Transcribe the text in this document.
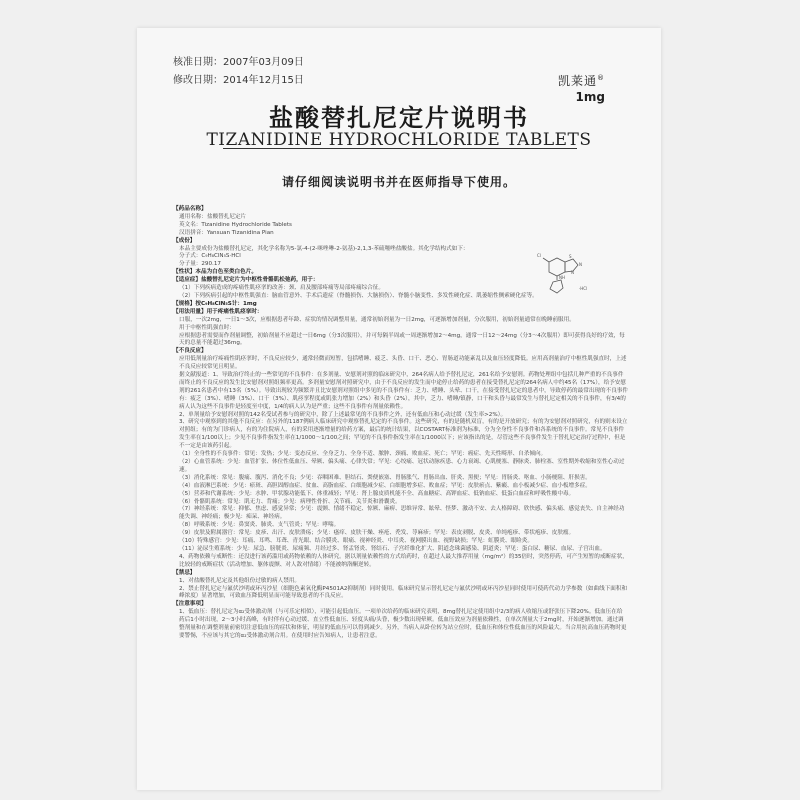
核准日期：2007年03月09日
修改日期：2014年12月15日	凯莱通®
1mg
盐酸替扎尼定片说明书
TIZANIDINE HYDROCHLORIDE TABLETS
请仔细阅读说明书并在医师指导下使用。
Cl
N
S
N
NH
·HCl

【药品名称】

通用名称：盐酸替扎尼定片

英文名：Tizanidine Hydrochloride Tablets

汉语拼音：Yansuan Tizanidina Pian

【成份】

本品主要成份为盐酸替扎尼定，其化学名称为5-氯-4-(2-咪唑啉-2-氨基)-2,1,3-苯硫噻唑盐酸盐。其化学结构式如下：

分子式：C₉H₈ClN₅S·HCl

分子量：290.17

【性状】本品为白色至类白色片。

【适应症】盐酸替扎尼定片为中枢性骨骼肌松弛药，用于：

（1）下列疾病造成的疼痛性肌痉挛的改善：颈、肩及腰部疼痛等局部疼痛综合征。

（2）下列疾病引起的中枢性肌强直：脑血管意外、手术后遗症（脊髓损伤、大脑损伤）、脊髓小脑变性、多发性硬化症、肌萎缩性侧索硬化症等。

【规格】按C₉H₈ClN₅S计：1mg

【用法用量】用于疼痛性肌痉挛时：

口服，一次2mg，一日1～3次，应根据患者年龄、症状的情况调整用量，通常初始剂量为一日2mg，可逐渐增加剂量，分次服用，初始剂量通常在晚睡前服用。

用于中枢性肌强直时：

应根据患者需要而作剂量调整，初始剂量不应超过一日6mg（分3次服用），并可每隔半周或一周逐渐增加2～4mg，通常一日12～24mg（分3～4次服用）即可获得良好的疗效，每天的总量不能超过36mg。

【不良反应】

应用低剂量治疗疼痛性肌痉挛时，不良反应较少，通常轻微而短暂，包括嗜睡、疲乏、头昏、口干、恶心、胃肠道功能紊乱以及血压轻度降低。应用高剂量治疗中枢性肌强直时，上述不良反应较常见且明显。

据文献报道：1、导致治疗终止的一些常见的不良事件：在多剂量、安慰剂对照的临床研究中，264名病人给予替扎尼定，261名给予安慰剂。药物处理组中包括几种严重的不良事件而终止的不良反应的发生比安慰剂对照组频率更高。多剂量安慰剂对照研究中，由于不良反应的发生而中途停止给药的患者在接受替扎尼定的264名病人中约45名（17%），给予安慰剂的261名患者中有13名（5%）。导致出现较为频繁并且比安慰剂对照组中多见的不良事件有：乏力、嗜睡、头晕、口干，在接受替扎尼定的患者中，导致停药的最常出现的不良事件有：疲乏（3%）、嗜睡（3%）、口干（3%）、肌痉挛程度或肌张力增加（2%）和头昏（2%），其中，乏力、嗜睡/镇静，口干和头昏与最常发生与替扎尼定相关的不良事件，有3/4的病人认为这些不良事件是轻度至中度，1/4的病人认为是严重；这些不良事件有剂量依赖性。

2、单剂量给予安慰剂对照的142名受试者参与的研究中，除了上述最常见的不良事件之外，还有低血压和心动过缓（发生率>2%）。

3、研究中观察到的其他不良反应：在另外的1187例病人临床研究中观察替扎尼定的不良事件。这些研究，有的是随机双盲，有的是开放研究；有的为安慰剂对照研究，有的则未设立对照组；有的为门诊病人，有的为住院病人，有的采用逐渐增量的给药方案，最后的统计结果，以COSTART标准剂为标准，分为全身性不良事件和各系统的不良事件。常见不良事件发生率在1/100以上；少见不良事件指发生率在1/1000～1/100之间；罕见的不良事件指发生率在1/1000以下；应该指出的是，尽管这些不良事件发生于替扎尼定治疗过程中，但是不一定是由该药引起。

（1）全身性的不良事件：常见：发热；少见：变态反应、全身乏力、全身不适、脓肿、颈痛、败血症、死亡；罕见：癌症、先天性畸形、自杀倾向。

（2）心血管系统：少见：血管扩张、体位性低血压、晕厥、偏头痛、心律失常；罕见：心绞痛、冠状动脉疾患、心力衰竭、心肌梗塞、静脉炎、肺栓塞、室性期外收缩和室性心动过速。

（3）消化系统：常见：腹痛、腹泻、消化不良；少见：吞咽困难、胆结石、粪便嵌塞、胃肠胀气、胃肠出血、肝炎、黑便；罕见：胃肠炎、呕血、小肠梗阻、肝损害。

（4）血液淋巴系统：少见：瘀斑、高胆固醇血症、贫血、高脂血症、白细胞减少症、白细胞增多症、败血症；罕见：皮肤瘀点、紫癜、血小板减少症、血小板增多症。

（5）营养和代谢系统：少见：水肿、甲状腺功能低下、体重减轻；罕见：肾上腺皮质机能不全、高血糖症、高钾血症、低钠血症、低蛋白血症和呼吸性酸中毒。

（6）骨骼肌系统：常见：肌无力、背痛；少见：病理性骨折、关节痛、关节炎和滑囊炎。

（7）神经系统：常见：抑郁、焦虑、感觉异常；少见：震颤、情绪不稳定、惊厥、麻痹、思维异常、眩晕、怪梦、激动不安、去人格障碍、欣快感、偏头痛、感觉丧失、自主神经功能失调、神经痛；极少见：痴呆、神经病。

（8）呼吸系统：少见：鼻窦炎、肺炎、支气管炎；罕见：哮喘。

（9）皮肤及附属器官：常见：皮疹、出汗、皮肤溃疡；少见：瘙痒、皮肤干燥、痤疮、秃发、荨麻疹；罕见：表皮剥脱、皮炎、单纯疱疹、带状疱疹、皮肤瘤。

（10）特殊感官：少见：耳痛、耳鸣、耳聋、青光眼、结合膜炎、眼痛、视神经炎、中耳炎、视网膜出血、视野缺损；罕见：虹膜炎、眼睑炎。

（11）泌尿生殖系统：少见：尿急、膀胱炎、尿痛频、月经过多、肾盂肾炎、肾结石、子宫纤维化扩大、阴道念珠菌感染、阴道炎；罕见：蛋白尿、糖尿、血尿、子宫出血。

4、药物依赖与戒断性：还没进行该药滥用或药物依赖的人体研究。据以剂量依赖性的方式给药时，在超过人最大推荐用量（mg/m²）的35倍时，突然停药，可产生短暂的戒断症状，比较轻的戒断症状（活动增加、躯体震颤、对人敌对情绪）不能被纳洛酮逆转。

【禁忌】

1、对盐酸替扎尼定及其他组份过敏的病人禁用。

2、禁止替扎尼定与氟伏沙明或环丙沙星（细胞色素氧化酶P4501A2抑制剂）同时使用。临床研究显示替扎尼定与氟伏沙明或环丙沙星同时使用可使药代动力学参数（如曲线下面积和峰浓度）显著增加，可致血压降低明显而可能导致患者的不良反应。

【注意事项】

1、低血压：替扎尼定为α₂受体激动剂（与可乐定相似），可能引起低血压。一项单次给药的临床研究表明，8mg替扎尼定使用组中2/3的病人收缩压或舒张压下降20%。低血压在给药后1小时出现，2～3小时高峰，有时伴有心动过缓、直立性低血压、轻度头痛/头昏，极少数出现晕厥。低血压效应为剂量依赖性，在单次剂量大于2mg时，开始逐渐增加。通过调整剂量和在调整剂量前密切注意低血压的症状和体征，明显的低血压可以得到减少。另外，当病人从卧位转为站立位时，低血压和体位性低血压的风险最大。当合用抗高血压药物时更要警惕，不应该与其它的α₂受体激动剂合用。在使用时应告知病人，让患者注意。
